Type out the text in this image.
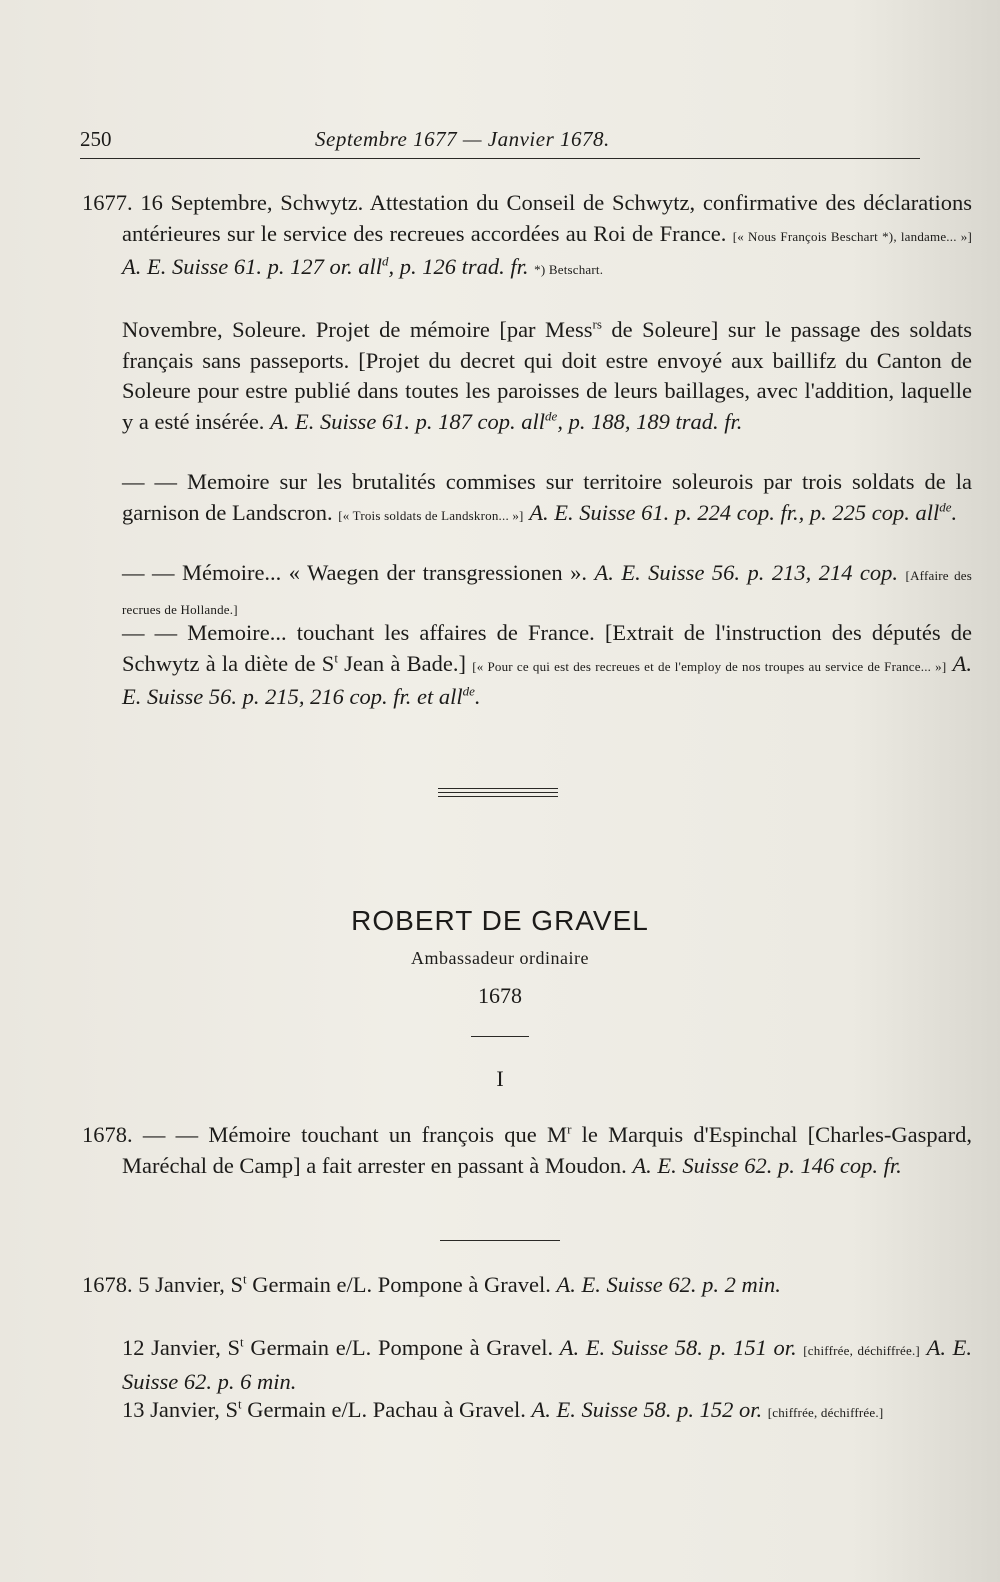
250	Septembre 1677 — Janvier 1678.
1677. 16 Septembre, Schwytz. Attestation du Conseil de Schwytz, confirmative des déclarations antérieures sur le service des recreues accordées au Roi de France. [« Nous François Beschart *), landame... »] A. E. Suisse 61. p. 127 or. all$^d$, p. 126 trad. fr. *) Betschart.
Novembre, Soleure. Projet de mémoire [par Mess$^{rs}$ de Soleure] sur le passage des soldats français sans passeports. [Projet du decret qui doit estre envoyé aux baillifz du Canton de Soleure pour estre publié dans toutes les paroisses de leurs baillages, avec l'addition, laquelle y a esté insérée. A. E. Suisse 61. p. 187 cop. all$^{de}$, p. 188, 189 trad. fr.
— — Memoire sur les brutalités commises sur territoire soleurois par trois soldats de la garnison de Landscron. [« Trois soldats de Landskron... »] A. E. Suisse 61. p. 224 cop. fr., p. 225 cop. all$^{de}$.
— — Mémoire... « Waegen der transgressionen ». A. E. Suisse 56. p. 213, 214 cop. [Affaire des recrues de Hollande.]
— — Memoire... touchant les affaires de France. [Extrait de l'instruction des députés de Schwytz à la diète de $S^t$ Jean à Bade.] [« Pour ce qui est des recreues et de l'employ de nos troupes au service de France... »] A. E. Suisse 56. p. 215, 216 cop. fr. et all$^{de}$.
ROBERT DE GRAVEL
Ambassadeur ordinaire
1678
I
1678. — — Mémoire touchant un françois que $M^r$ le Marquis d'Espinchal [Charles-Gaspard, Maréchal de Camp] a fait arrester en passant à Moudon. A. E. Suisse 62. p. 146 cop. fr.
1678. 5 Janvier, $S^t$ Germain e/L. Pompone à Gravel. A. E. Suisse 62. p. 2 min.
12 Janvier, $S^t$ Germain e/L. Pompone à Gravel. A. E. Suisse 58. p. 151 or. [chiffrée, déchiffrée.] A. E. Suisse 62. p. 6 min.
13 Janvier, $S^t$ Germain e/L. Pachau à Gravel. A. E. Suisse 58. p. 152 or. [chiffrée, déchiffrée.]
